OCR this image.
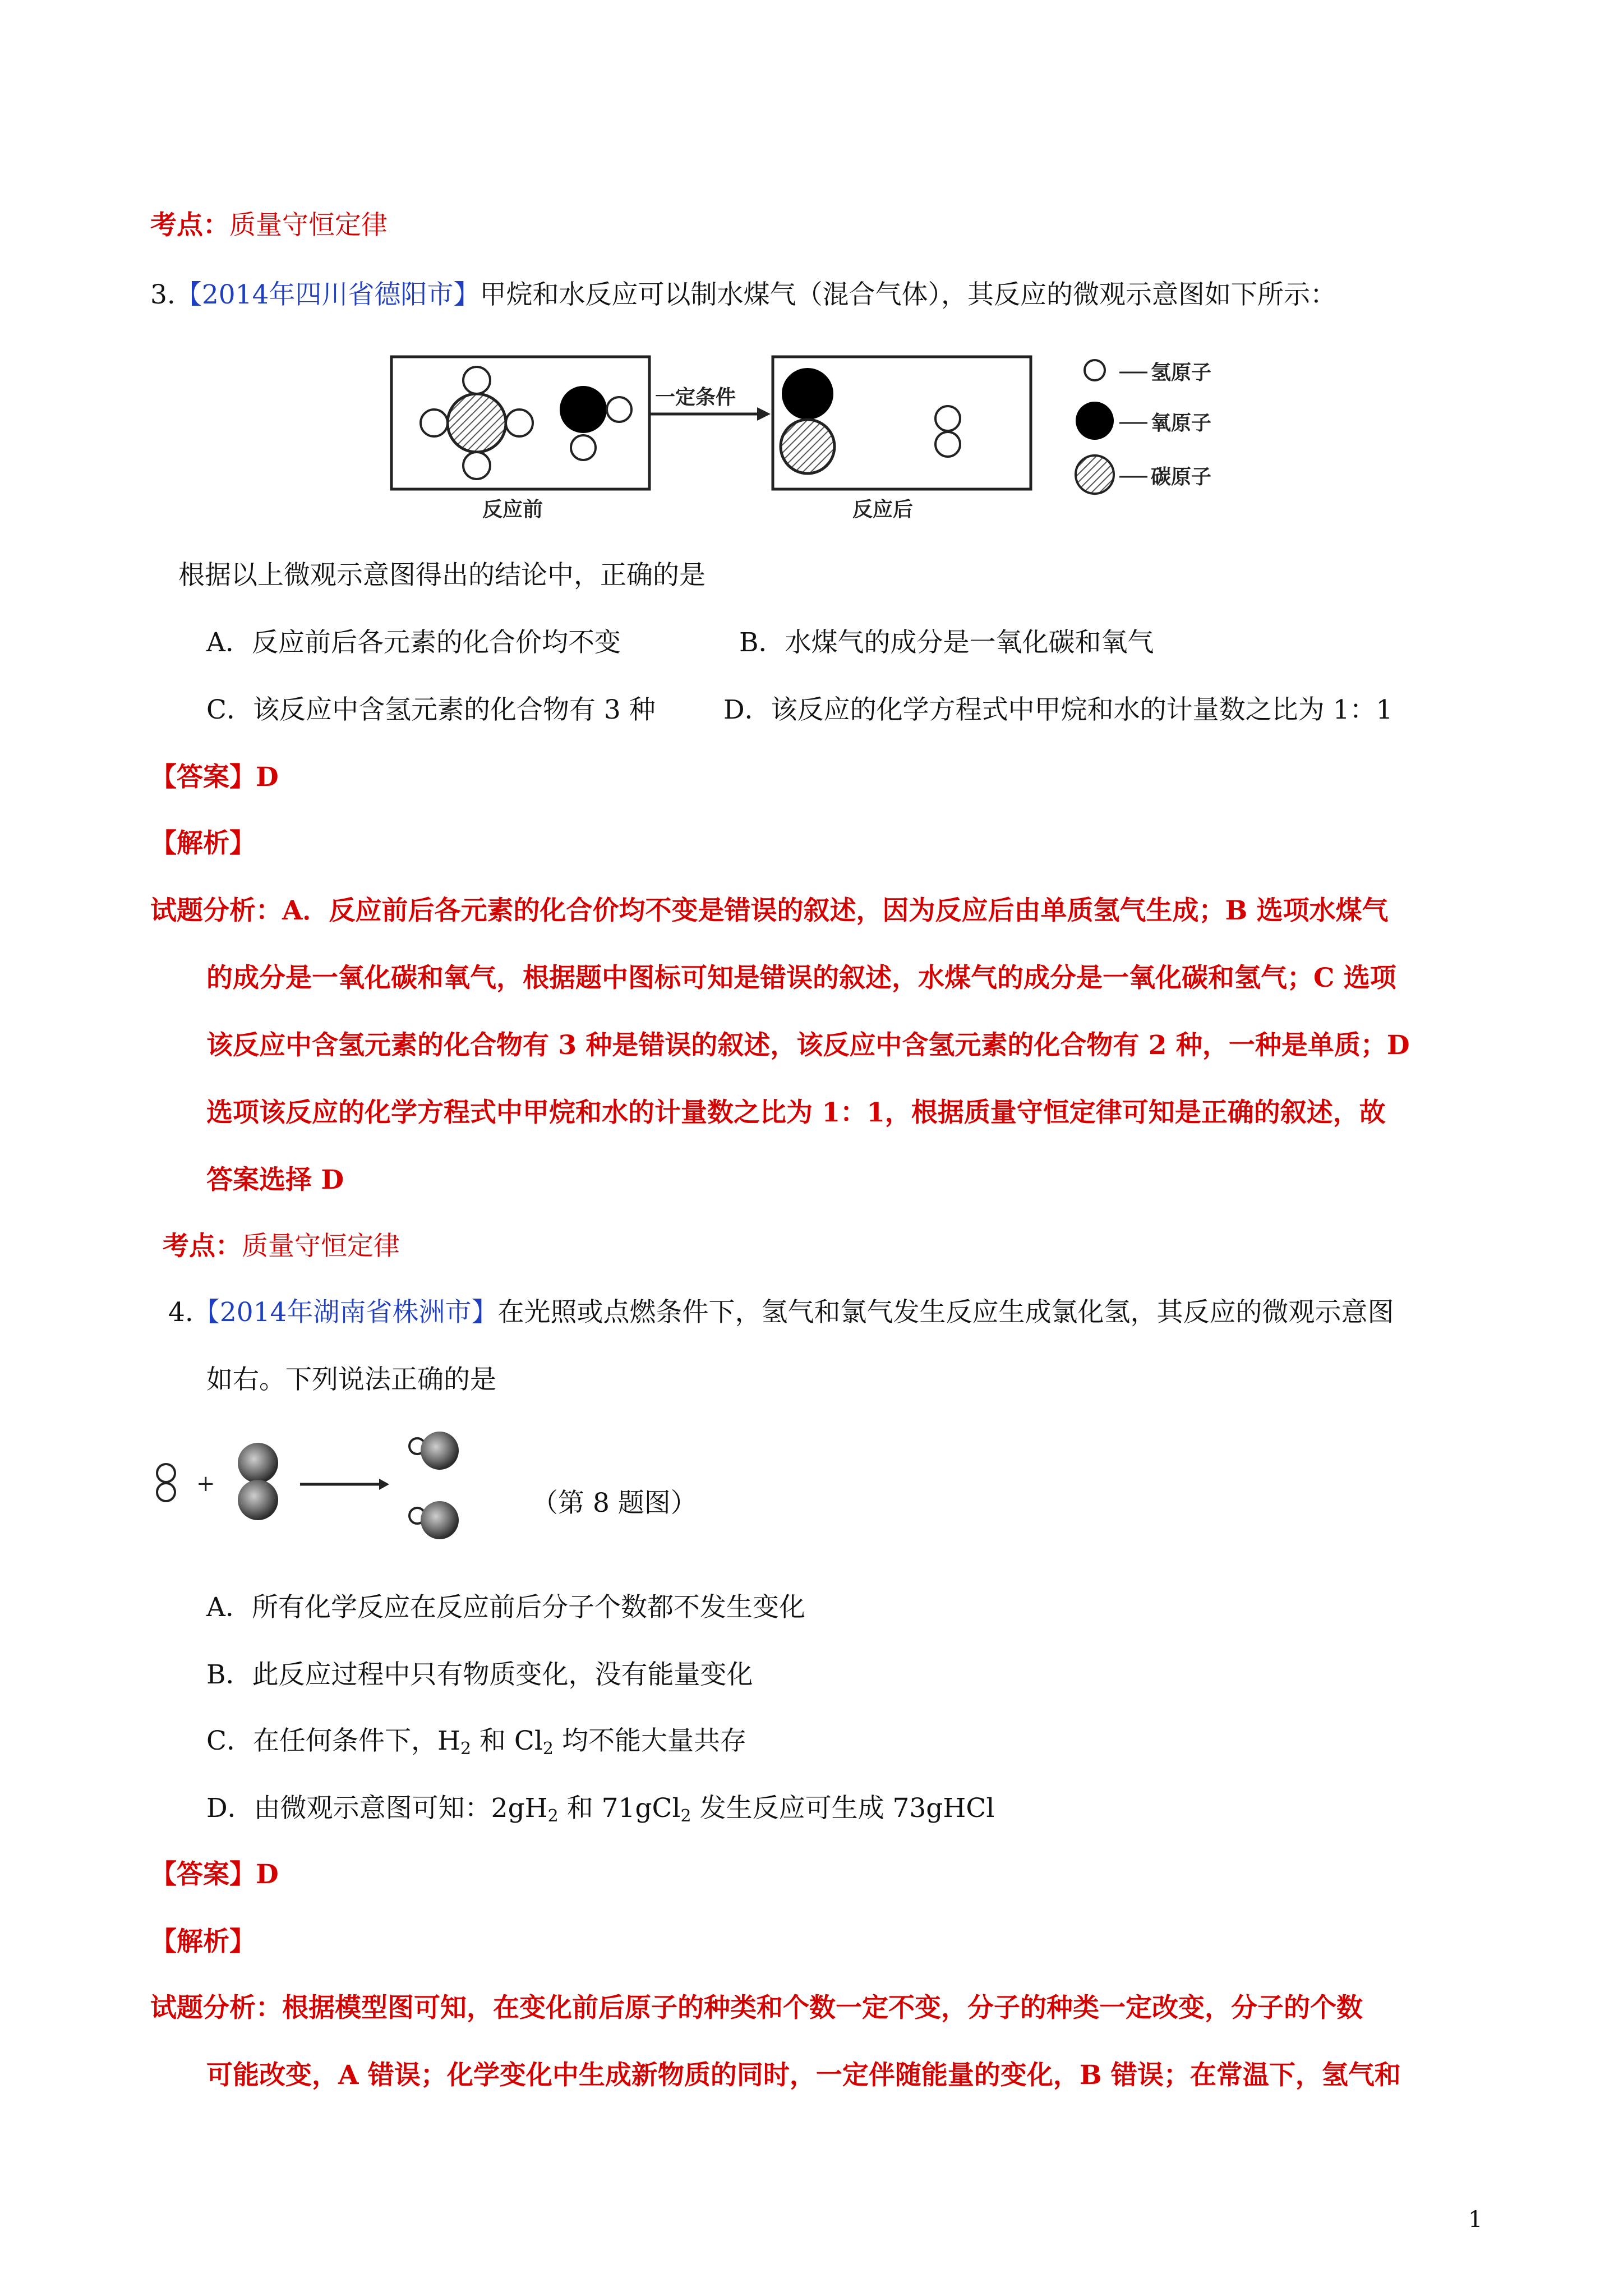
考点：质量守恒定律
3.【2014年四川省德阳市】甲烷和水反应可以制水煤气（混合气体），其反应的微观示意图如下所示：
一定条件
反应前	反应后
氢原子
氧原子
碳原子
根据以上微观示意图得出的结论中，正确的是
A．反应前后各元素的化合价均不变	B．水煤气的成分是一氧化碳和氧气
C．该反应中含氢元素的化合物有 3 种	D．该反应的化学方程式中甲烷和水的计量数之比为 1：1
【答案】D
【解析】
试题分析：A．反应前后各元素的化合价均不变是错误的叙述，因为反应后由单质氢气生成；B 选项水煤气
的成分是一氧化碳和氧气，根据题中图标可知是错误的叙述，水煤气的成分是一氧化碳和氢气；C 选项
该反应中含氢元素的化合物有 3 种是错误的叙述，该反应中含氢元素的化合物有 2 种，一种是单质；D
选项该反应的化学方程式中甲烷和水的计量数之比为 1：1，根据质量守恒定律可知是正确的叙述，故
答案选择 D
考点：质量守恒定律
4.【2014年湖南省株洲市】在光照或点燃条件下，氢气和氯气发生反应生成氯化氢，其反应的微观示意图
如右。下列说法正确的是
+
（第 8 题图）
A．所有化学反应在反应前后分子个数都不发生变化
B．此反应过程中只有物质变化，没有能量变化
C．在任何条件下，$H_2$ 和 $Cl_2$ 均不能大量共存
D．由微观示意图可知：$2gH_2$ 和 71gCl$_2$ 发生反应可生成 73gHCl
【答案】D
【解析】
试题分析：根据模型图可知，在变化前后原子的种类和个数一定不变，分子的种类一定改变，分子的个数
可能改变，A 错误；化学变化中生成新物质的同时，一定伴随能量的变化，B 错误；在常温下，氢气和
1
